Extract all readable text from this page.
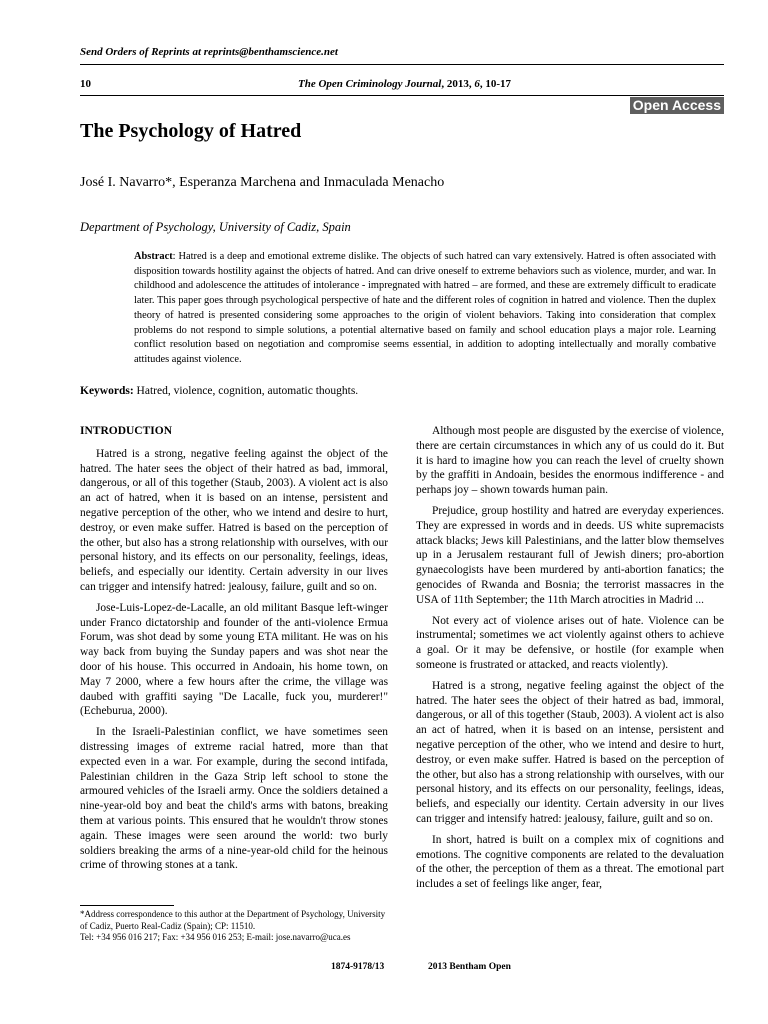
Send Orders of Reprints at reprints@benthamscience.net
10	The Open Criminology Journal, 2013, 6, 10-17
Open Access
The Psychology of Hatred
José I. Navarro*, Esperanza Marchena and Inmaculada Menacho
Department of Psychology, University of Cadiz, Spain

Abstract: Hatred is a deep and emotional extreme dislike. The objects of such hatred can vary extensively. Hatred is often associated with disposition towards hostility against the objects of hatred. And can drive oneself to extreme behaviors such as violence, murder, and war. In childhood and adolescence the attitudes of intolerance - impregnated with hatred – are formed, and these are extremely difficult to eradicate later. This paper goes through psychological perspective of hate and the different roles of cognition in hatred and violence. Then the duplex theory of hatred is presented considering some approaches to the origin of violent behaviors. Taking into consideration that complex problems do not respond to simple solutions, a potential alternative based on family and school education plays a major role. Learning conflict resolution based on negotiation and compromise seems essential, in addition to adopting intellectually and morally combative attitudes against violence.

Keywords: Hatred, violence, cognition, automatic thoughts.
INTRODUCTION

Hatred is a strong, negative feeling against the object of the hatred. The hater sees the object of their hatred as bad, immoral, dangerous, or all of this together (Staub, 2003). A violent act is also an act of hatred, when it is based on an intense, persistent and negative perception of the other, who we intend and desire to hurt, destroy, or even make suffer. Hatred is based on the perception of the other, but also has a strong relationship with ourselves, with our personal history, and its effects on our personality, feelings, ideas, beliefs, and especially our identity. Certain adversity in our lives can trigger and intensify hatred: jealousy, failure, guilt and so on.

Jose-Luis-Lopez-de-Lacalle, an old militant Basque left-winger under Franco dictatorship and founder of the anti-violence Ermua Forum, was shot dead by some young ETA militant. He was on his way back from buying the Sunday papers and was shot near the door of his house. This occurred in Andoain, his home town, on May 7 2000, where a few hours after the crime, the village was daubed with graffiti saying "De Lacalle, fuck you, murderer!" (Echeburua, 2000).

In the Israeli-Palestinian conflict, we have sometimes seen distressing images of extreme racial hatred, more than that expected even in a war. For example, during the second intifada, Palestinian children in the Gaza Strip left school to stone the armoured vehicles of the Israeli army. Once the soldiers detained a nine-year-old boy and beat the child's arms with batons, breaking them at various points. This ensured that he wouldn't throw stones again. These images were seen around the world: two burly soldiers breaking the arms of a nine-year-old child for the heinous crime of throwing stones at a tank.

Although most people are disgusted by the exercise of violence, there are certain circumstances in which any of us could do it. But it is hard to imagine how you can reach the level of cruelty shown by the graffiti in Andoain, besides the enormous indifference - and perhaps joy – shown towards human pain.

Prejudice, group hostility and hatred are everyday experiences. They are expressed in words and in deeds. US white supremacists attack blacks; Jews kill Palestinians, and the latter blow themselves up in a Jerusalem restaurant full of Jewish diners; pro-abortion gynaecologists have been murdered by anti-abortion fanatics; the genocides of Rwanda and Bosnia; the terrorist massacres in the USA of 11th September; the 11th March atrocities in Madrid ...

Not every act of violence arises out of hate. Violence can be instrumental; sometimes we act violently against others to achieve a goal. Or it may be defensive, or hostile (for example when someone is frustrated or attacked, and reacts violently).

Hatred is a strong, negative feeling against the object of the hatred. The hater sees the object of their hatred as bad, immoral, dangerous, or all of this together (Staub, 2003). A violent act is also an act of hatred, when it is based on an intense, persistent and negative perception of the other, who we intend and desire to hurt, destroy, or even make suffer. Hatred is based on the perception of the other, but also has a strong relationship with ourselves, with our personal history, and its effects on our personality, feelings, ideas, beliefs, and especially our identity. Certain adversity in our lives can trigger and intensify hatred: jealousy, failure, guilt and so on.

In short, hatred is built on a complex mix of cognitions and emotions. The cognitive components are related to the devaluation of the other, the perception of them as a threat. The emotional part includes a set of feelings like anger, fear,

*Address correspondence to this author at the Department of Psychology, University of Cadiz, Puerto Real-Cadiz (Spain); CP: 11510.
Tel: +34 956 016 217; Fax: +34 956 016 253; E-mail: jose.navarro@uca.es
1874-9178/13	2013 Bentham Open
